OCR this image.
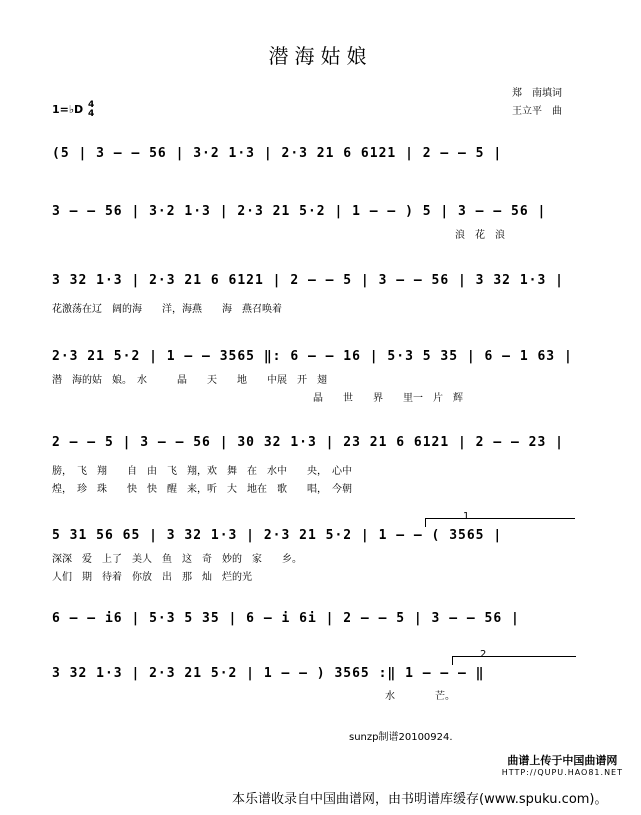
潜海姑娘
郑　南填词
王立平　曲
1=♭D 4
4
(5 | 3 – – 56 | 3·2 1·3 | 2·3 21 6 6121 | 2 – – 5 |
3 – – 56 | 3·2 1·3 | 2·3 21 5·2 | 1 – – ) 5 | 3 – – 56 |
浪　花　浪
3 32 1·3 | 2·3 21 6 6121 | 2 – – 5 | 3 – – 56 | 3 32 1·3 |
花激荡在辽　阔的海　　洋，海燕　　海　燕召唤着
2·3 21 5·2 | 1 – – 3565 ‖: 6 – – 16 | 5·3 5 35 | 6 – 1 63 |
潜　海的姑　娘。　水　　　晶　　天　　地　　中展　开　翅
晶　　世　　界　　里一　片　辉
2 – – 5 | 3 – – 56 | 30 32 1·3 | 23 21 6 6121 | 2 – – 23 |
膀，　飞　翔　　自　由　飞　翔，欢　舞　在　水中　　央，　心中
煌，　珍　珠　　快　快　醒　来，听　大　地在　歌　　唱，　今朝
1
5 31 56 65 | 3 32 1·3 | 2·3 21 5·2 | 1 – – ( 3565 |
深深　爱　上了　美人　鱼　这　奇　妙的　家　　乡。
人们　期　待着　你放　出　那　灿　烂的光
6 – – i6 | 5·3 5 35 | 6 – i 6i | 2 – – 5 | 3 – – 56 |
2
3 32 1·3 | 2·3 21 5·2 | 1 – – ) 3565 :‖ 1 – – – ‖
水　　　　芒。
sunzp制谱20100924.
曲谱上传于中国曲谱网
HTTP://QUPU.HAO81.NET
本乐谱收录自中国曲谱网，由书明谱库缓存(www.spuku.com)。
